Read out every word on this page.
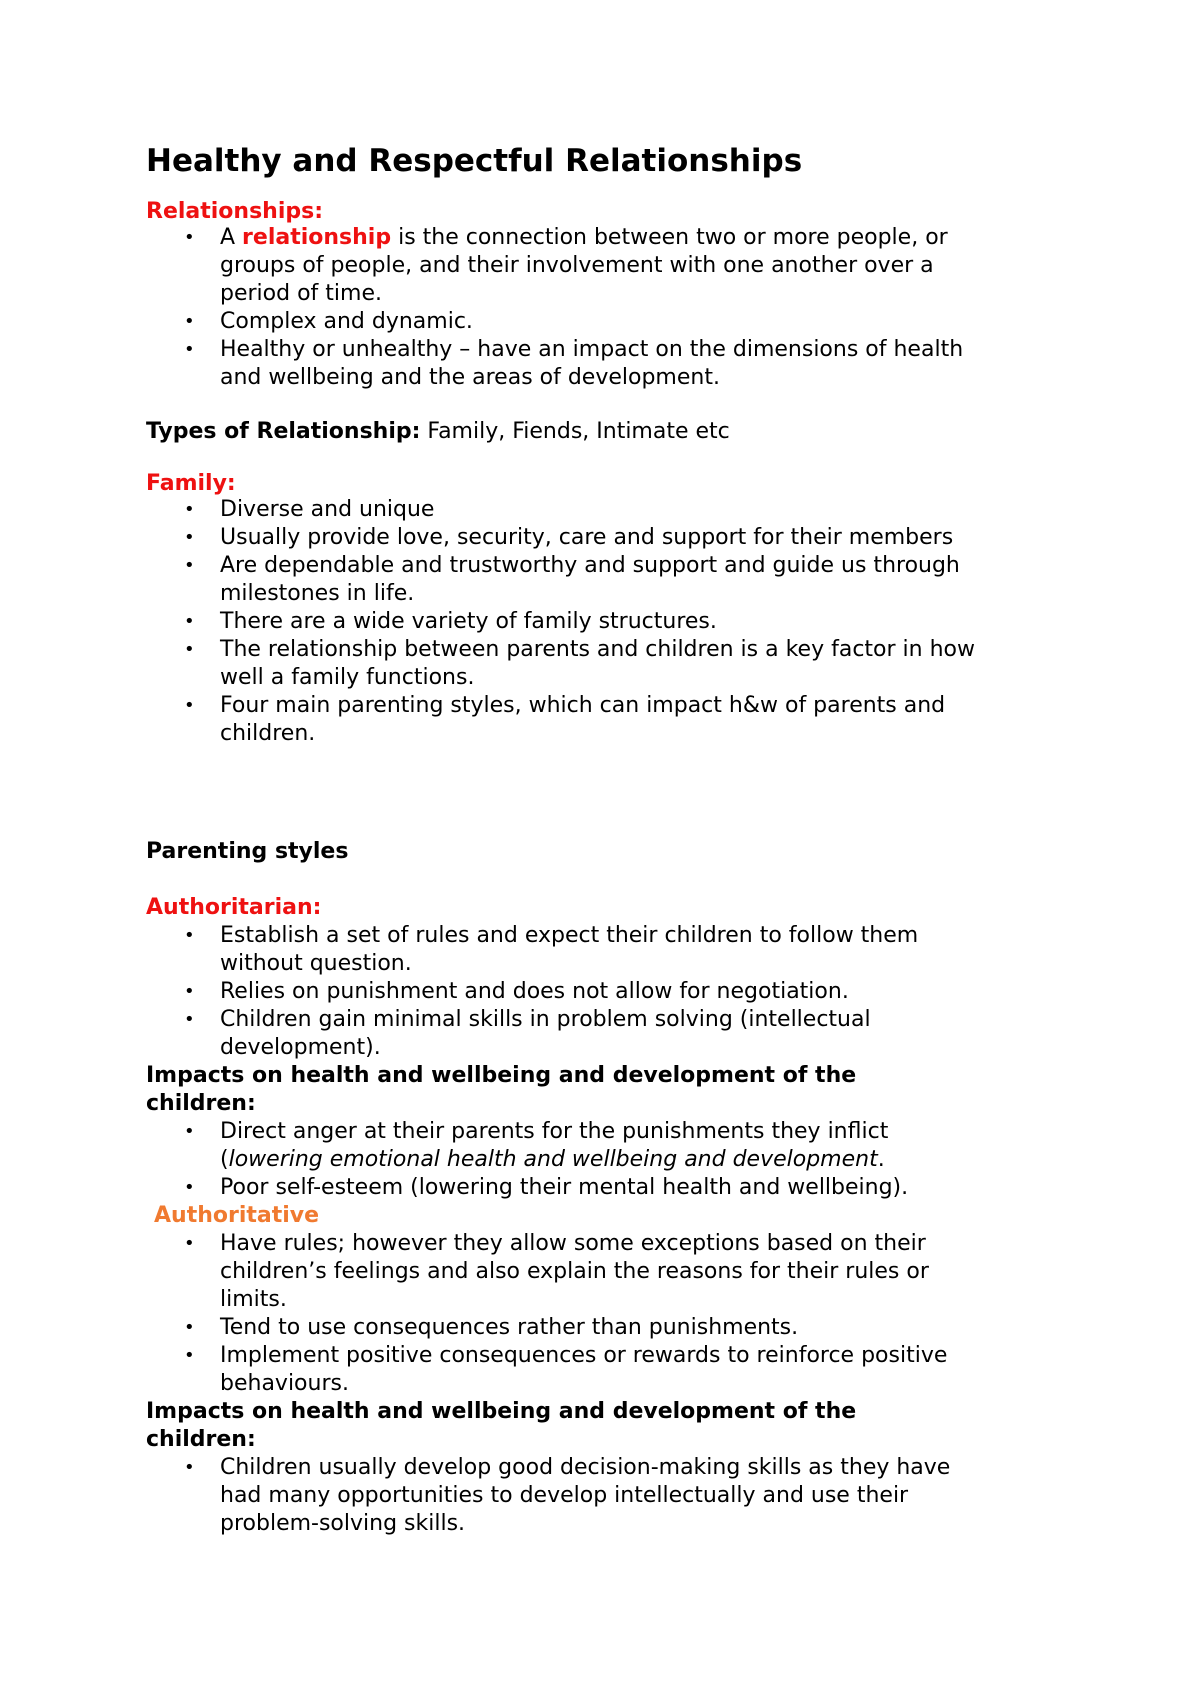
Healthy and Respectful Relationships
Relationships:
• A relationship is the connection between two or more people, or
groups of people, and their involvement with one another over a
period of time.
• Complex and dynamic.
• Healthy or unhealthy – have an impact on the dimensions of health
and wellbeing and the areas of development.
Types of Relationship: Family, Fiends, Intimate etc
Family:
• Diverse and unique
• Usually provide love, security, care and support for their members
• Are dependable and trustworthy and support and guide us through
milestones in life.
• There are a wide variety of family structures.
• The relationship between parents and children is a key factor in how
well a family functions.
• Four main parenting styles, which can impact h&w of parents and
children.
Parenting styles
Authoritarian:
• Establish a set of rules and expect their children to follow them
without question.
• Relies on punishment and does not allow for negotiation.
• Children gain minimal skills in problem solving (intellectual
development).
Impacts on health and wellbeing and development of the
children:
• Direct anger at their parents for the punishments they inflict
(lowering emotional health and wellbeing and development.
• Poor self-esteem (lowering their mental health and wellbeing).
Authoritative
• Have rules; however they allow some exceptions based on their
children’s feelings and also explain the reasons for their rules or
limits.
• Tend to use consequences rather than punishments.
• Implement positive consequences or rewards to reinforce positive
behaviours.
Impacts on health and wellbeing and development of the
children:
• Children usually develop good decision-making skills as they have
had many opportunities to develop intellectually and use their
problem-solving skills.
